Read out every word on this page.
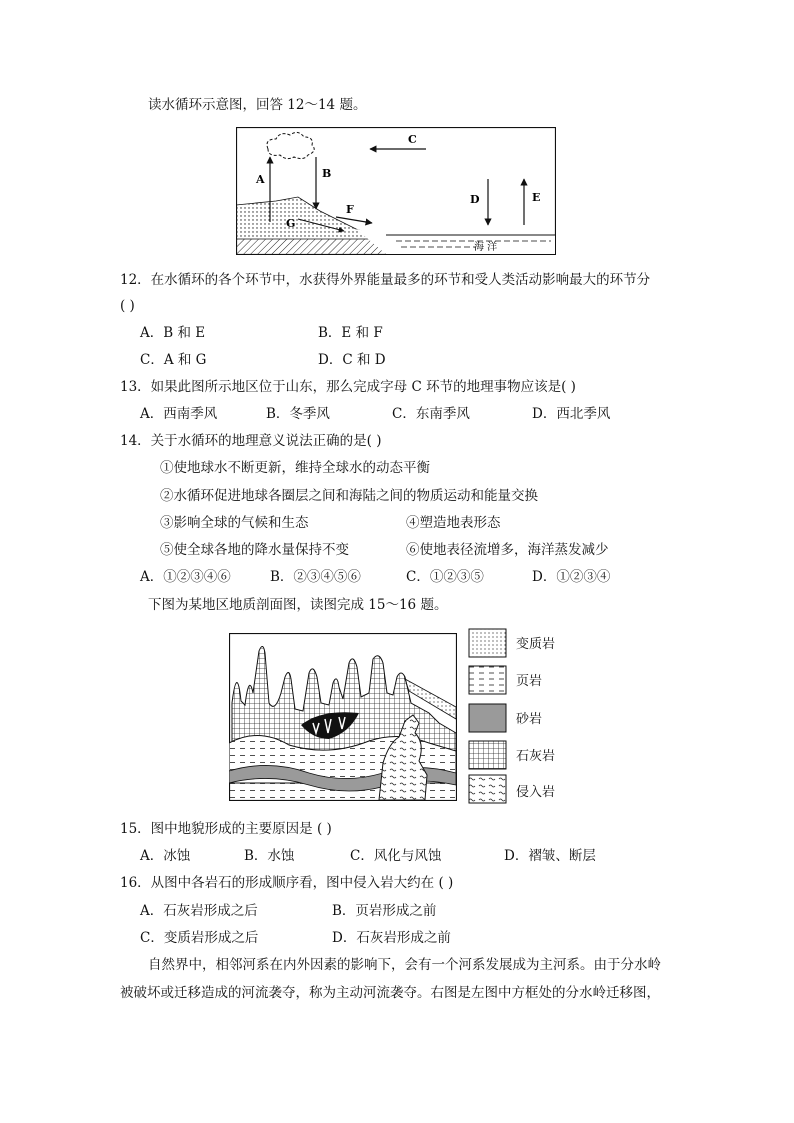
读水循环示意图，回答 12～14 题。
A	B
C
D	E
F
G
海 洋
12．在水循环的各个环节中，水获得外界能量最多的环节和受人类活动影响最大的环节分
( )
A．B 和 E	B．E 和 F
C．A 和 G	D．C 和 D
13．如果此图所示地区位于山东，那么完成字母 C 环节的地理事物应该是( )
A．西南季风	B．冬季风	C．东南季风	D．西北季风
14．关于水循环的地理意义说法正确的是( )
①使地球水不断更新，维持全球水的动态平衡
②水循环促进地球各圈层之间和海陆之间的物质运动和能量交换
③影响全球的气候和生态	④塑造地表形态
⑤使全球各地的降水量保持不变	⑥使地表径流增多，海洋蒸发减少
A．①②③④⑥	B．②③④⑤⑥	C．①②③⑤	D．①②③④
下图为某地区地质剖面图，读图完成 15～16 题。
变质岩
页岩
砂岩
石灰岩
侵入岩
15．图中地貌形成的主要原因是 ( )
A．冰蚀	B．水蚀	C．风化与风蚀	D．褶皱、断层
16．从图中各岩石的形成顺序看，图中侵入岩大约在 ( )
A．石灰岩形成之后	B．页岩形成之前
C．变质岩形成之后	D．石灰岩形成之前
自然界中，相邻河系在内外因素的影响下，会有一个河系发展成为主河系。由于分水岭
被破坏或迁移造成的河流袭夺，称为主动河流袭夺。右图是左图中方框处的分水岭迁移图，
